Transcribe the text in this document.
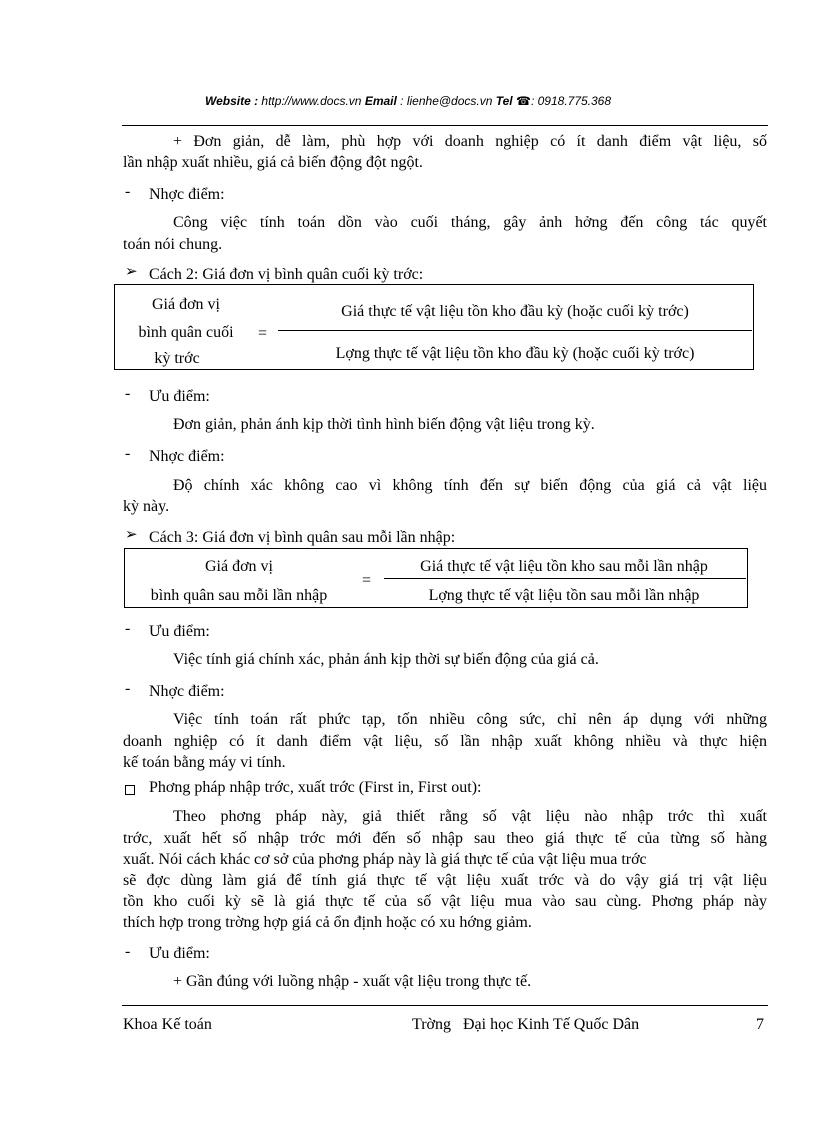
Website : http://www.docs.vn Email : lienhe@docs.vn Tel ☎: 0918.775.368
+ Đơn giản, dễ làm, phù hợp với doanh nghiệp có ít danh điểm vật liệu, số
lần nhập xuất nhiều, giá cả biến động đột ngột.
- Nhợc điểm:
Công việc tính toán dồn vào cuối tháng, gây ảnh hởng đến công tác quyết
toán nói chung.
➢ Cách 2: Giá đơn vị bình quân cuối kỳ trớc:
Giá đơn vị
bình quân cuối
kỳ trớc
=
Giá thực tế vật liệu tồn kho đầu kỳ (hoặc cuối kỳ trớc)
Lợng thực tế vật liệu tồn kho đầu kỳ (hoặc cuối kỳ trớc)
- Ưu điểm:
Đơn giản, phản ánh kịp thời tình hình biến động vật liệu trong kỳ.
- Nhợc điểm:
Độ chính xác không cao vì không tính đến sự biến động của giá cả vật liệu
kỳ này.
➢ Cách 3: Giá đơn vị bình quân sau mỗi lần nhập:
Giá đơn vị
bình quân sau mỗi lần nhập
=
Giá thực tế vật liệu tồn kho sau mỗi lần nhập
Lợng thực tế vật liệu tồn sau mỗi lần nhập
- Ưu điểm:
Việc tính giá chính xác, phản ánh kịp thời sự biến động của giá cả.
- Nhợc điểm:
Việc tính toán rất phức tạp, tốn nhiều công sức, chỉ nên áp dụng với những
doanh nghiệp có ít danh điểm vật liệu, số lần nhập xuất không nhiều và thực hiện
kế toán bằng máy vi tính.
Phơng pháp nhập trớc, xuất trớc (First in, First out):
Theo phơng pháp này, giả thiết rằng số vật liệu nào nhập trớc thì xuất
trớc, xuất hết số nhập trớc mới đến số nhập sau theo giá thực tế của từng số hàng
xuất. Nói cách khác cơ sở của phơng pháp này là giá thực tế của vật liệu mua trớc
sẽ đợc dùng làm giá để tính giá thực tế vật liệu xuất trớc và do vậy giá trị vật liệu
tồn kho cuối kỳ sẽ là giá thực tế của số vật liệu mua vào sau cùng. Phơng pháp này
thích hợp trong trờng hợp giá cả ổn định hoặc có xu hớng giảm.
- Ưu điểm:
+ Gần đúng với luồng nhập - xuất vật liệu trong thực tế.
Khoa Kế toán	Trờng   Đại học Kinh Tế Quốc Dân	7
